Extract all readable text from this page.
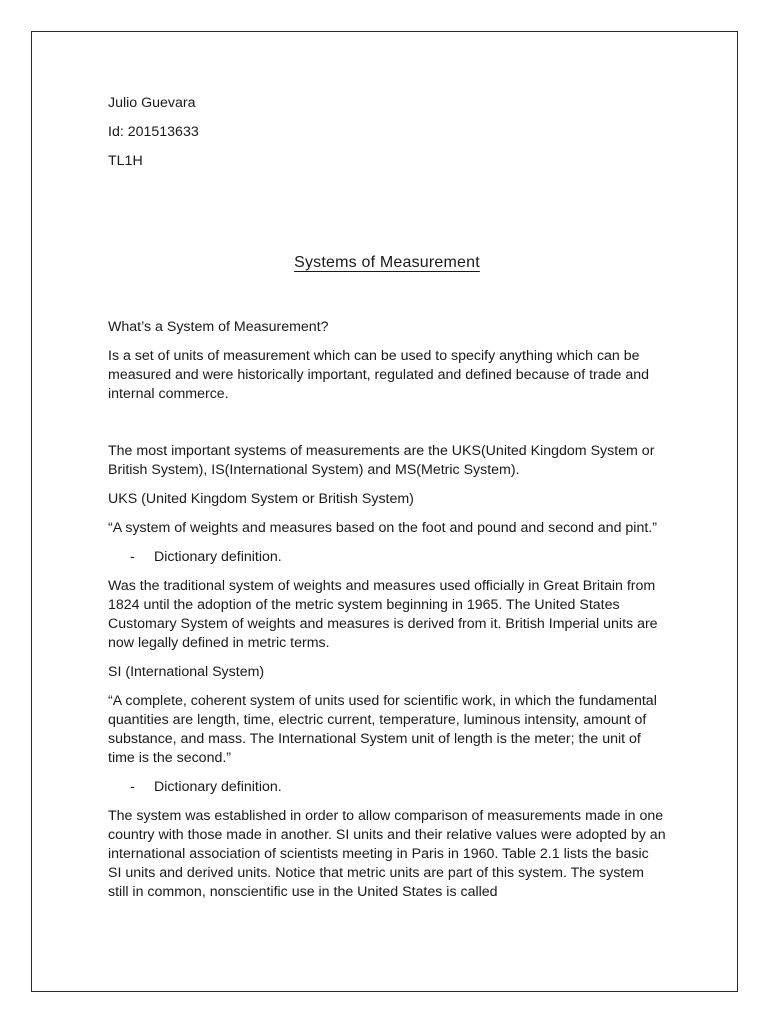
Julio Guevara
Id: 201513633
TL1H
Systems of Measurement

What’s a System of Measurement?

Is a set of units of measurement which can be used to specify anything which can be measured and were historically important, regulated and defined because of trade and internal commerce.

The most important systems of measurements are the UKS(United Kingdom System or British System), IS(International System) and MS(Metric System).

UKS (United Kingdom System or British System)

“A system of weights and measures based on the foot and pound and second and pint.”

-	Dictionary definition.

Was the traditional system of weights and measures used officially in Great Britain from 1824 until the adoption of the metric system beginning in 1965. The United States Customary System of weights and measures is derived from it. British Imperial units are now legally defined in metric terms.

SI (International System)

“A complete, coherent system of units used for scientific work, in which the fundamental quantities are length, time, electric current, temperature, luminous intensity, amount of substance, and mass. The International System unit of length is the meter; the unit of time is the second.”

-	Dictionary definition.

The system was established in order to allow comparison of measurements made in one country with those made in another. SI units and their relative values were adopted by an international association of scientists meeting in Paris in 1960. Table 2.1 lists the basic SI units and derived units. Notice that metric units are part of this system. The system still in common, nonscientific use in the United States is called
